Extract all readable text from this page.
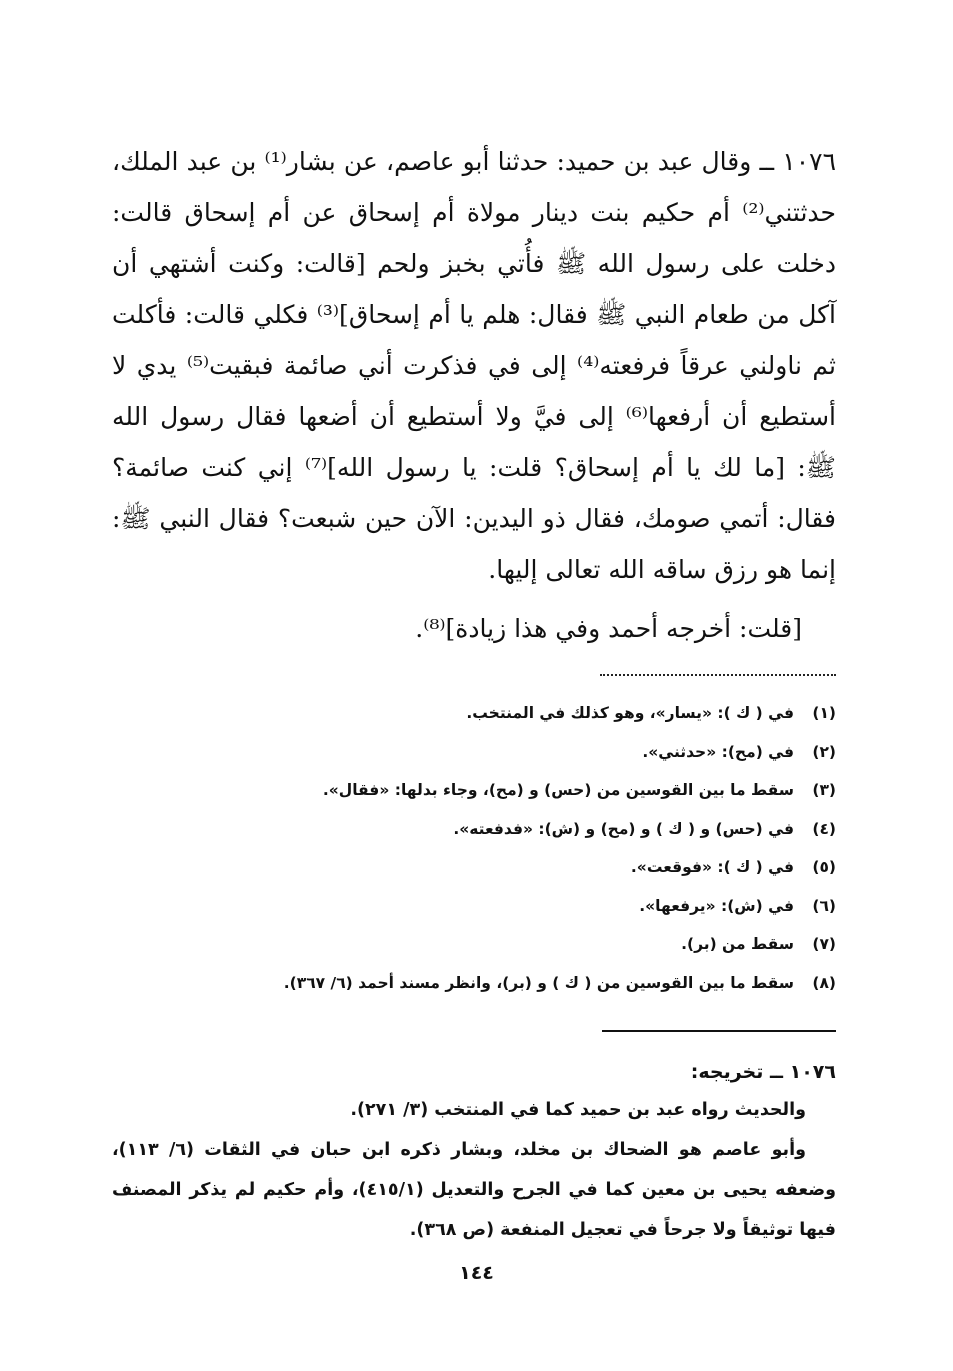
١٠٧٦ ــ وقال عبد بن حميد: حدثنا أبو عاصم، عن بشار⁽¹⁾ بن عبد الملك، حدثتني⁽²⁾ أم حكيم بنت دينار مولاة أم إسحاق عن أم إسحاق قالت: دخلت على رسول الله ﷺ فأُتي بخبز ولحم [قالت: وكنت أشتهي أن آكل من طعام النبي ﷺ فقال: هلم يا أم إسحاق]⁽³⁾ فكلي قالت: فأكلت ثم ناولني عرقاً فرفعته⁽⁴⁾ إلى في فذكرت أني صائمة فبقيت⁽⁵⁾ يدي لا أستطيع أن أرفعها⁽⁶⁾ إلى فيَّ ولا أستطيع أن أضعها فقال رسول الله ﷺ: [ما لك يا أم إسحاق؟ قلت: يا رسول الله]⁽⁷⁾ إني كنت صائمة؟ فقال: أتمي صومك، فقال ذو اليدين: الآن حين شبعت؟ فقال النبي ﷺ: إنما هو رزق ساقه الله تعالى إليها.

[قلت: أخرجه أحمد وفي هذا زيادة]⁽⁸⁾.
(١)
في ( ك ): «يسار»، وهو كذلك في المنتخب.
(٢)
في (مح): «حدثني».
(٣)
سقط ما بين القوسين من (حس) و (مح)، وجاء بدلها: «فقال».
(٤)
في (حس) و ( ك ) و (مح) و (ش): «فدفعته».
(٥)
في ( ك ): «فوقعت».
(٦)
في (ش): «يرفعها».
(٧)
سقط من (بر).
(٨)
سقط ما بين القوسين من ( ك ) و (بر)، وانظر مسند أحمد (٦/ ٣٦٧).
١٠٧٦ ــ تخريجه:
والحديث رواه عبد بن حميد كما في المنتخب (٣/ ٢٧١).
وأبو عاصم هو الضحاك بن مخلد، وبشار ذكره ابن حبان في الثقات (٦/ ١١٣)، وضعفه يحيى بن معين كما في الجرح والتعديل (٤١٥/١)، وأم حكيم لم يذكر المصنف فيها توثيقاً ولا جرحاً في تعجيل المنفعة (ص ٣٦٨).
١٤٤
